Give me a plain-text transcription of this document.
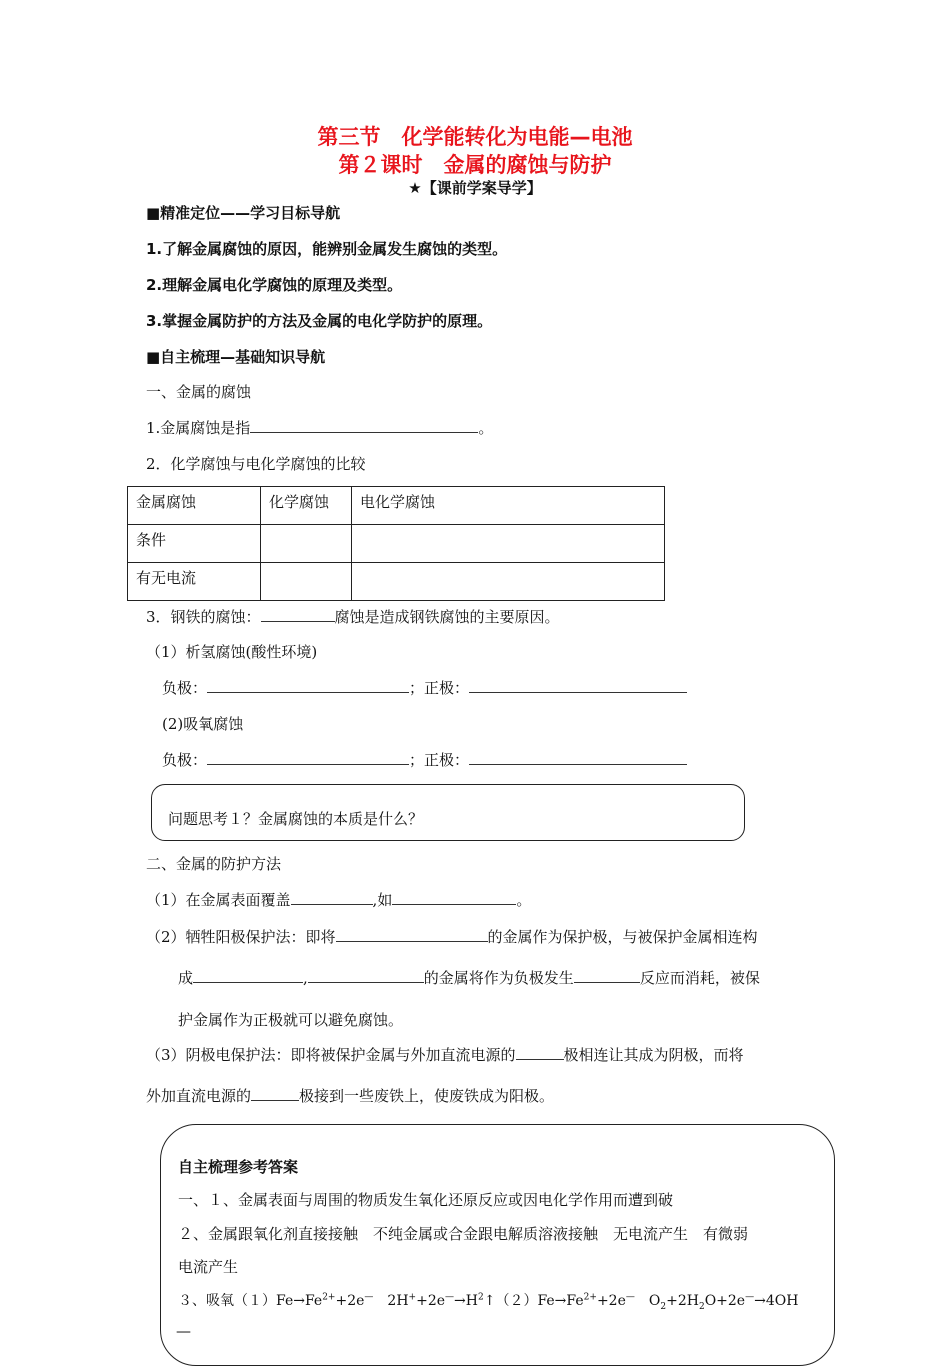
第三节　化学能转化为电能—电池
第２课时　金属的腐蚀与防护
★【课前学案导学】
■精准定位——学习目标导航
1.了解金属腐蚀的原因，能辨别金属发生腐蚀的类型。
2.理解金属电化学腐蚀的原理及类型。
3.掌握金属防护的方法及金属的电化学防护的原理。
■自主梳理—基础知识导航
一、金属的腐蚀
1.金属腐蚀是指	。
2．化学腐蚀与电化学腐蚀的比较
金属腐蚀	化学腐蚀	电化学腐蚀
条件		
有无电流		
3．钢铁的腐蚀：	腐蚀是造成钢铁腐蚀的主要原因。
（1）析氢腐蚀(酸性环境)
负极：	；正极：
(2)吸氧腐蚀
负极：	；正极：
问题思考１？金属腐蚀的本质是什么？
二、金属的防护方法
（1）在金属表面覆盖	,如	。
（2）牺牲阳极保护法：即将	的金属作为保护极，与被保护金属相连构
成	,	的金属将作为负极发生	反应而消耗，被保
护金属作为正极就可以避免腐蚀。
（3）阴极电保护法：即将被保护金属与外加直流电源的	极相连让其成为阴极，而将
外加直流电源的	极接到一些废铁上，使废铁成为阳极。
自主梳理参考答案
一、１、金属表面与周围的物质发生氧化还原反应或因电化学作用而遭到破
２、金属跟氧化剂直接接触　不纯金属或合金跟电解质溶液接触　无电流产生　有微弱
电流产生
３、吸氧$(1)Fe\to Fe^{2+}+2e^—$　$2H^++2e^—\to H^2↑(2)Fe\to Fe^{2+}+2e^—$　$O_2+2H_2O+2e^—\to 4OH$
—
